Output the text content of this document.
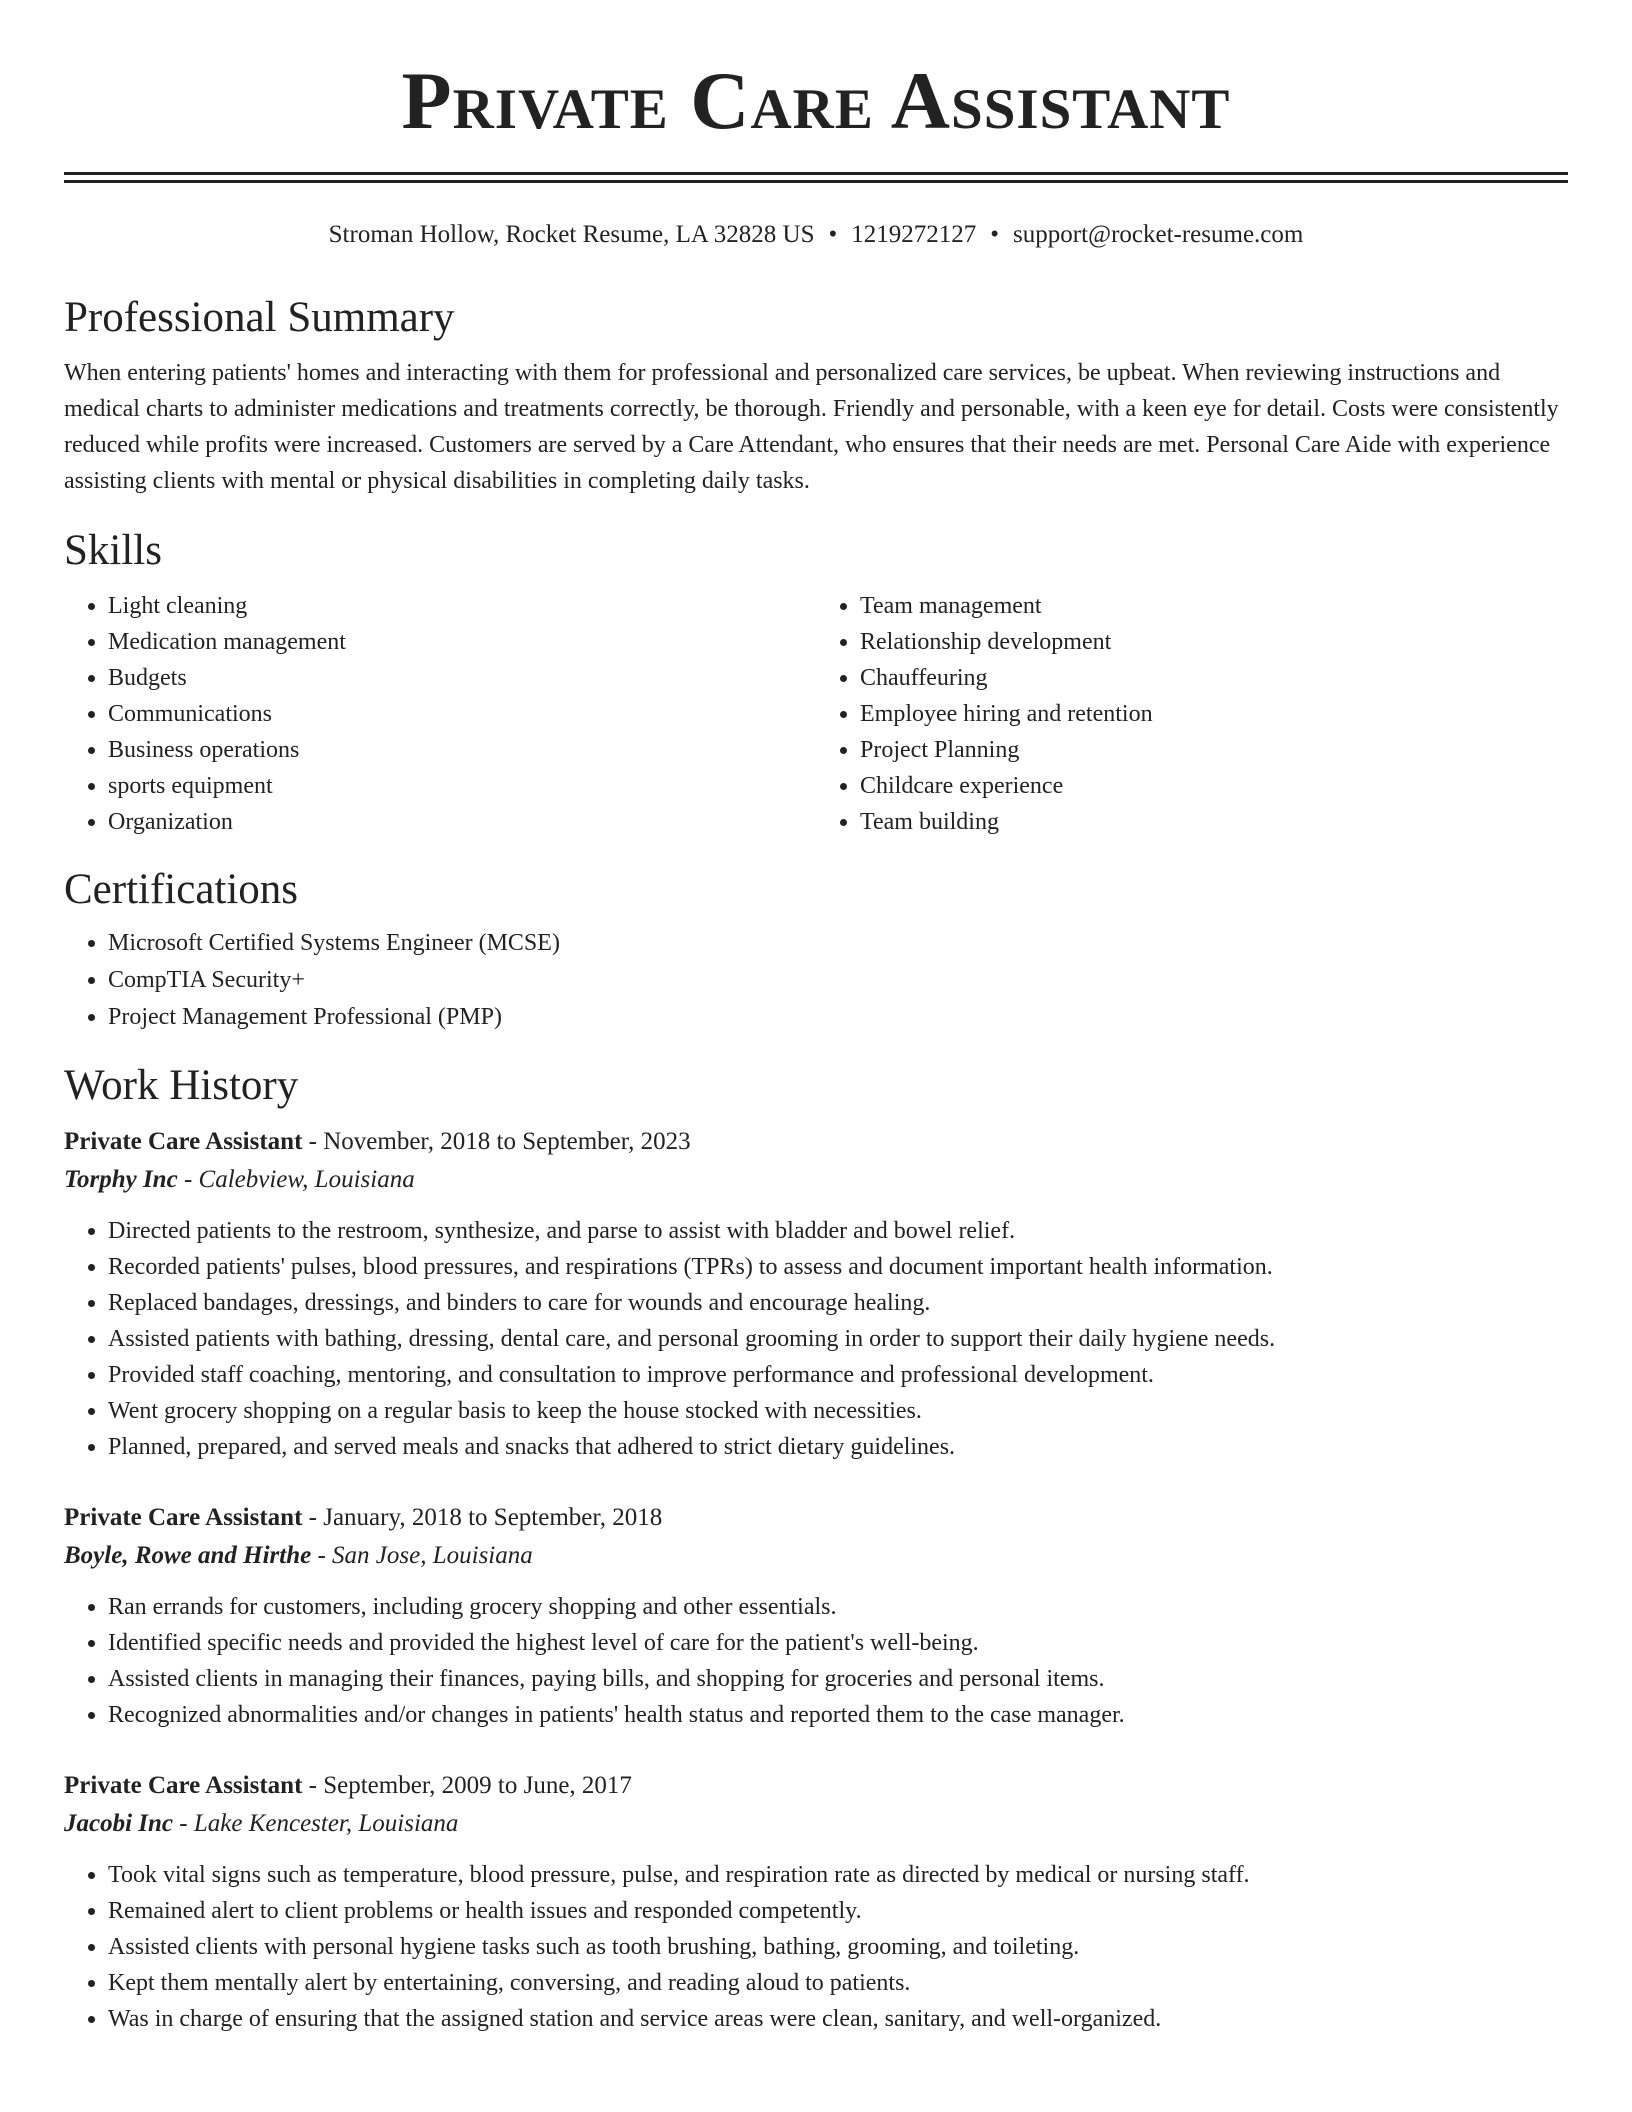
Private Care Assistant
Stroman Hollow, Rocket Resume, LA 32828 US • 1219272127 • support@rocket-resume.com
Professional Summary

When entering patients' homes and interacting with them for professional and personalized care services, be upbeat. When reviewing instructions and medical charts to administer medications and treatments correctly, be thorough. Friendly and personable, with a keen eye for detail. Costs were consistently reduced while profits were increased. Customers are served by a Care Attendant, who ensures that their needs are met. Personal Care Aide with experience assisting clients with mental or physical disabilities in completing daily tasks.

Skills
• Light cleaning
• Medication management
• Budgets
• Communications
• Business operations
• sports equipment
• Organization
• Team management
• Relationship development
• Chauffeuring
• Employee hiring and retention
• Project Planning
• Childcare experience
• Team building
Certifications
• Microsoft Certified Systems Engineer (MCSE)
• CompTIA Security+
• Project Management Professional (PMP)
Work History
Private Care Assistant - November, 2018 to September, 2023
Torphy Inc - Calebview, Louisiana
• Directed patients to the restroom, synthesize, and parse to assist with bladder and bowel relief.
• Recorded patients' pulses, blood pressures, and respirations (TPRs) to assess and document important health information.
• Replaced bandages, dressings, and binders to care for wounds and encourage healing.
• Assisted patients with bathing, dressing, dental care, and personal grooming in order to support their daily hygiene needs.
• Provided staff coaching, mentoring, and consultation to improve performance and professional development.
• Went grocery shopping on a regular basis to keep the house stocked with necessities.
• Planned, prepared, and served meals and snacks that adhered to strict dietary guidelines.
Private Care Assistant - January, 2018 to September, 2018
Boyle, Rowe and Hirthe - San Jose, Louisiana
• Ran errands for customers, including grocery shopping and other essentials.
• Identified specific needs and provided the highest level of care for the patient's well-being.
• Assisted clients in managing their finances, paying bills, and shopping for groceries and personal items.
• Recognized abnormalities and/or changes in patients' health status and reported them to the case manager.
Private Care Assistant - September, 2009 to June, 2017
Jacobi Inc - Lake Kencester, Louisiana
• Took vital signs such as temperature, blood pressure, pulse, and respiration rate as directed by medical or nursing staff.
• Remained alert to client problems or health issues and responded competently.
• Assisted clients with personal hygiene tasks such as tooth brushing, bathing, grooming, and toileting.
• Kept them mentally alert by entertaining, conversing, and reading aloud to patients.
• Was in charge of ensuring that the assigned station and service areas were clean, sanitary, and well-organized.
